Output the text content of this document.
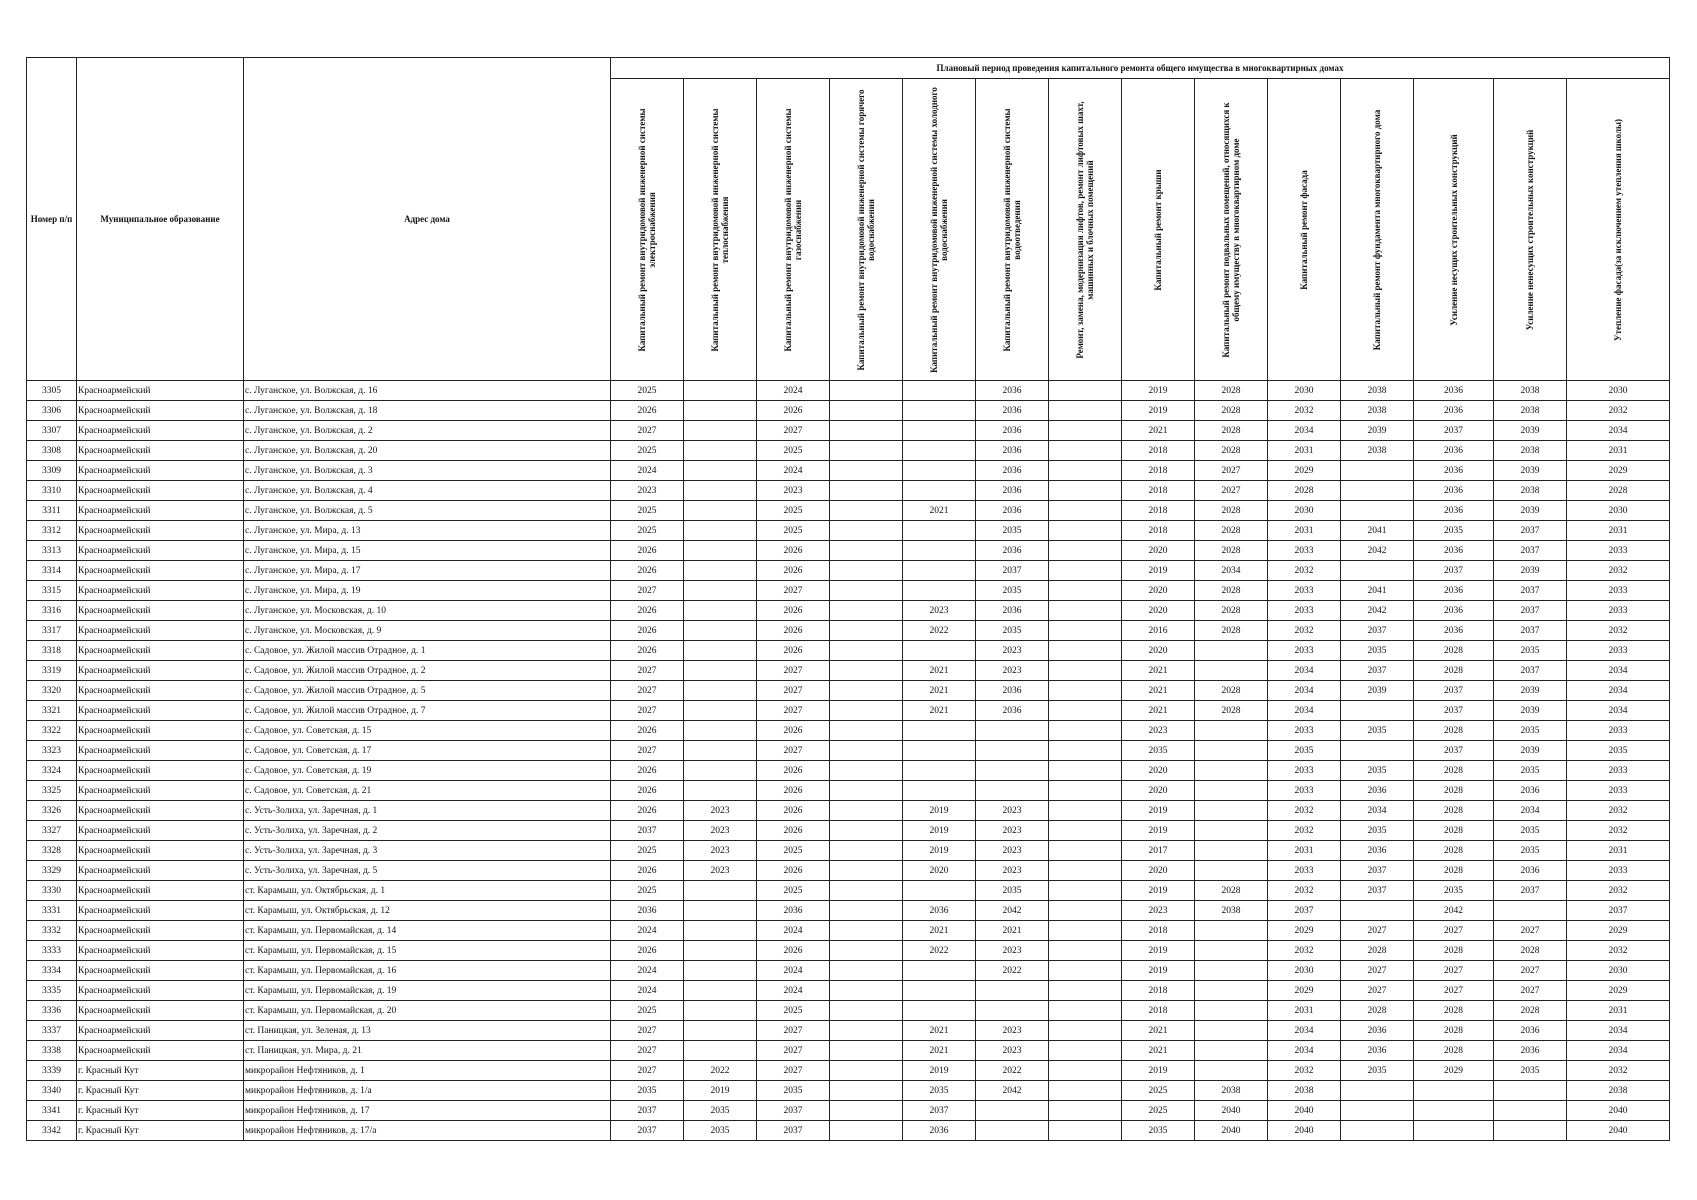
Номер п/п	Муниципальное образование	Адрес дома	Плановый период проведения капитального ремонта общего имущества в многоквартирных домах													

			Капитальный ремонт внутридомовой инженерной системы электроснабжения	Капитальный ремонт внутридомовой инженерной системы теплоснабжения	Капитальный ремонт внутридомовой инженерной системы газоснабжения	Капитальный ремонт внутридомовой инженерной системы горячего водоснабжения	Капитальный ремонт внутридомовой инженерной системы холодного водоснабжения	Капитальный ремонт внутридомовой инженерной системы водоотведения	Ремонт, замена, модернизация лифтов, ремонт лифтовых шахт, машинных и блочных помещений	Капитальный ремонт крыши	Капитальный ремонт подвальных помещений, относящихся к общему имуществу в многоквартирном доме	Капитальный ремонт фасада	Капитальный ремонт фундамента многоквартирного дома	Усиление несущих строительных конструкций	Усиление ненесущих строительных конструкций	Утепление фасада(за исключением утепления школы)

3305	Красноармейский	с. Луганское, ул. Волжская, д. 16	2025		2024			2036		2019	2028	2030	2038	2036	2038	2030
3306	Красноармейский	с. Луганское, ул. Волжская, д. 18	2026		2026			2036		2019	2028	2032	2038	2036	2038	2032
3307	Красноармейский	с. Луганское, ул. Волжская, д. 2	2027		2027			2036		2021	2028	2034	2039	2037	2039	2034
3308	Красноармейский	с. Луганское, ул. Волжская, д. 20	2025		2025			2036		2018	2028	2031	2038	2036	2038	2031
3309	Красноармейский	с. Луганское, ул. Волжская, д. 3	2024		2024			2036		2018	2027	2029		2036	2039	2029
3310	Красноармейский	с. Луганское, ул. Волжская, д. 4	2023		2023			2036		2018	2027	2028		2036	2038	2028
3311	Красноармейский	с. Луганское, ул. Волжская, д. 5	2025		2025		2021	2036		2018	2028	2030		2036	2039	2030
3312	Красноармейский	с. Луганское, ул. Мира, д. 13	2025		2025			2035		2018	2028	2031	2041	2035	2037	2031
3313	Красноармейский	с. Луганское, ул. Мира, д. 15	2026		2026			2036		2020	2028	2033	2042	2036	2037	2033
3314	Красноармейский	с. Луганское, ул. Мира, д. 17	2026		2026			2037		2019	2034	2032		2037	2039	2032
3315	Красноармейский	с. Луганское, ул. Мира, д. 19	2027		2027			2035		2020	2028	2033	2041	2036	2037	2033
3316	Красноармейский	с. Луганское, ул. Московская, д. 10	2026		2026		2023	2036		2020	2028	2033	2042	2036	2037	2033
3317	Красноармейский	с. Луганское, ул. Московская, д. 9	2026		2026		2022	2035		2016	2028	2032	2037	2036	2037	2032
3318	Красноармейский	с. Садовое, ул. Жилой массив Отрадное, д. 1	2026		2026			2023		2020		2033	2035	2028	2035	2033
3319	Красноармейский	с. Садовое, ул. Жилой массив Отрадное, д. 2	2027		2027		2021	2023		2021		2034	2037	2028	2037	2034
3320	Красноармейский	с. Садовое, ул. Жилой массив Отрадное, д. 5	2027		2027		2021	2036		2021	2028	2034	2039	2037	2039	2034
3321	Красноармейский	с. Садовое, ул. Жилой массив Отрадное, д. 7	2027		2027		2021	2036		2021	2028	2034		2037	2039	2034
3322	Красноармейский	с. Садовое, ул. Советская, д. 15	2026		2026					2023		2033	2035	2028	2035	2033
3323	Красноармейский	с. Садовое, ул. Советская, д. 17	2027		2027					2035		2035		2037	2039	2035
3324	Красноармейский	с. Садовое, ул. Советская, д. 19	2026		2026					2020		2033	2035	2028	2035	2033
3325	Красноармейский	с. Садовое, ул. Советская, д. 21	2026		2026					2020		2033	2036	2028	2036	2033
3326	Красноармейский	с. Усть-Золиха, ул. Заречная, д. 1	2026	2023	2026		2019	2023		2019		2032	2034	2028	2034	2032
3327	Красноармейский	с. Усть-Золиха, ул. Заречная, д. 2	2037	2023	2026		2019	2023		2019		2032	2035	2028	2035	2032
3328	Красноармейский	с. Усть-Золиха, ул. Заречная, д. 3	2025	2023	2025		2019	2023		2017		2031	2036	2028	2035	2031
3329	Красноармейский	с. Усть-Золиха, ул. Заречная, д. 5	2026	2023	2026		2020	2023		2020		2033	2037	2028	2036	2033
3330	Красноармейский	ст. Карамыш, ул. Октябрьская, д. 1	2025		2025			2035		2019	2028	2032	2037	2035	2037	2032
3331	Красноармейский	ст. Карамыш, ул. Октябрьская, д. 12	2036		2036		2036	2042		2023	2038	2037		2042		2037
3332	Красноармейский	ст. Карамыш, ул. Первомайская, д. 14	2024		2024		2021	2021		2018		2029	2027	2027	2027	2029
3333	Красноармейский	ст. Карамыш, ул. Первомайская, д. 15	2026		2026		2022	2023		2019		2032	2028	2028	2028	2032
3334	Красноармейский	ст. Карамыш, ул. Первомайская, д. 16	2024		2024			2022		2019		2030	2027	2027	2027	2030
3335	Красноармейский	ст. Карамыш, ул. Первомайская, д. 19	2024		2024					2018		2029	2027	2027	2027	2029
3336	Красноармейский	ст. Карамыш, ул. Первомайская, д. 20	2025		2025					2018		2031	2028	2028	2028	2031
3337	Красноармейский	ст. Паницкая, ул. Зеленая, д. 13	2027		2027		2021	2023		2021		2034	2036	2028	2036	2034
3338	Красноармейский	ст. Паницкая, ул. Мира, д. 21	2027		2027		2021	2023		2021		2034	2036	2028	2036	2034
3339	г. Красный Кут	микрорайон Нефтяников, д. 1	2027	2022	2027		2019	2022		2019		2032	2035	2029	2035	2032
3340	г. Красный Кут	микрорайон Нефтяников, д. 1/а	2035	2019	2035		2035	2042		2025	2038	2038				2038
3341	г. Красный Кут	микрорайон Нефтяников, д. 17	2037	2035	2037		2037			2025	2040	2040				2040
3342	г. Красный Кут	микрорайон Нефтяников, д. 17/а	2037	2035	2037		2036			2035	2040	2040				2040
